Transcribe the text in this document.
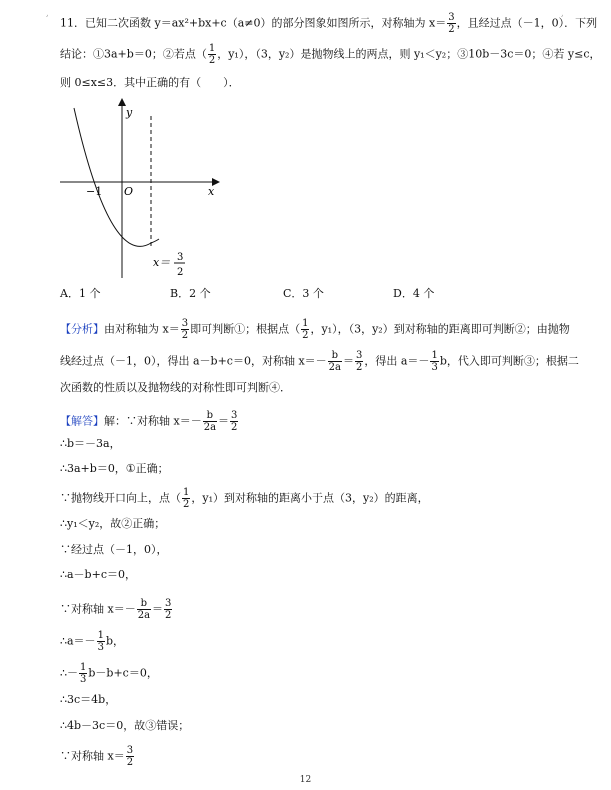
¸	¸
11．已知二次函数 y＝ax²+bx+c（a≠0）的部分图象如图所示，对称轴为 $x= \frac{3}{2}$ ，且经过点（－1，0）．下列
结论：①3a+b＝0；②若点（ $\frac{1}{2}$ ，y₁），（3，y₂）是抛物线上的两点，则 y₁＜y₂；③10b－3c＝0；④若 y≤c，
则 0≤x≤3．其中正确的有（　　）．
y
x
O
−1
x＝ 3
2
A．1 个	B．2 个	C．3 个	D．4 个
【分析】由对称轴为 $x= \frac{3}{2}$ 即可判断①；根据点（ $\frac{1}{2}$ ，y₁），（3，y₂）到对称轴的距离即可判断②；由抛物
线经过点（－1，0），得出 a－b+c＝0，对称轴 $x=- \frac{b}{2a} = \frac{3}{2}$ ，得出 $a=- \frac{1}{3}$ b，代入即可判断③；根据二
次函数的性质以及抛物线的对称性即可判断④．
【解答】解：∵对称轴 $x=- \frac{b}{2a} = \frac{3}{2}$
∴b＝－3a，
∴3a+b＝0，①正确；
∵抛物线开口向上，点（ $\frac{1}{2}$ ，y₁）到对称轴的距离小于点（3，y₂）的距离，
∴y₁＜y₂，故②正确；
∵经过点（－1，0），
∴a－b+c＝0，
∵对称轴 $x=- \frac{b}{2a} = \frac{3}{2}$
∴a＝－ $\frac{1}{3}$ b，
∴－ $\frac{1}{3} b-b+c=0$，
∴3c＝4b，
∴4b－3c＝0，故③错误；
∵对称轴 $x= \frac{3}{2}$
12
